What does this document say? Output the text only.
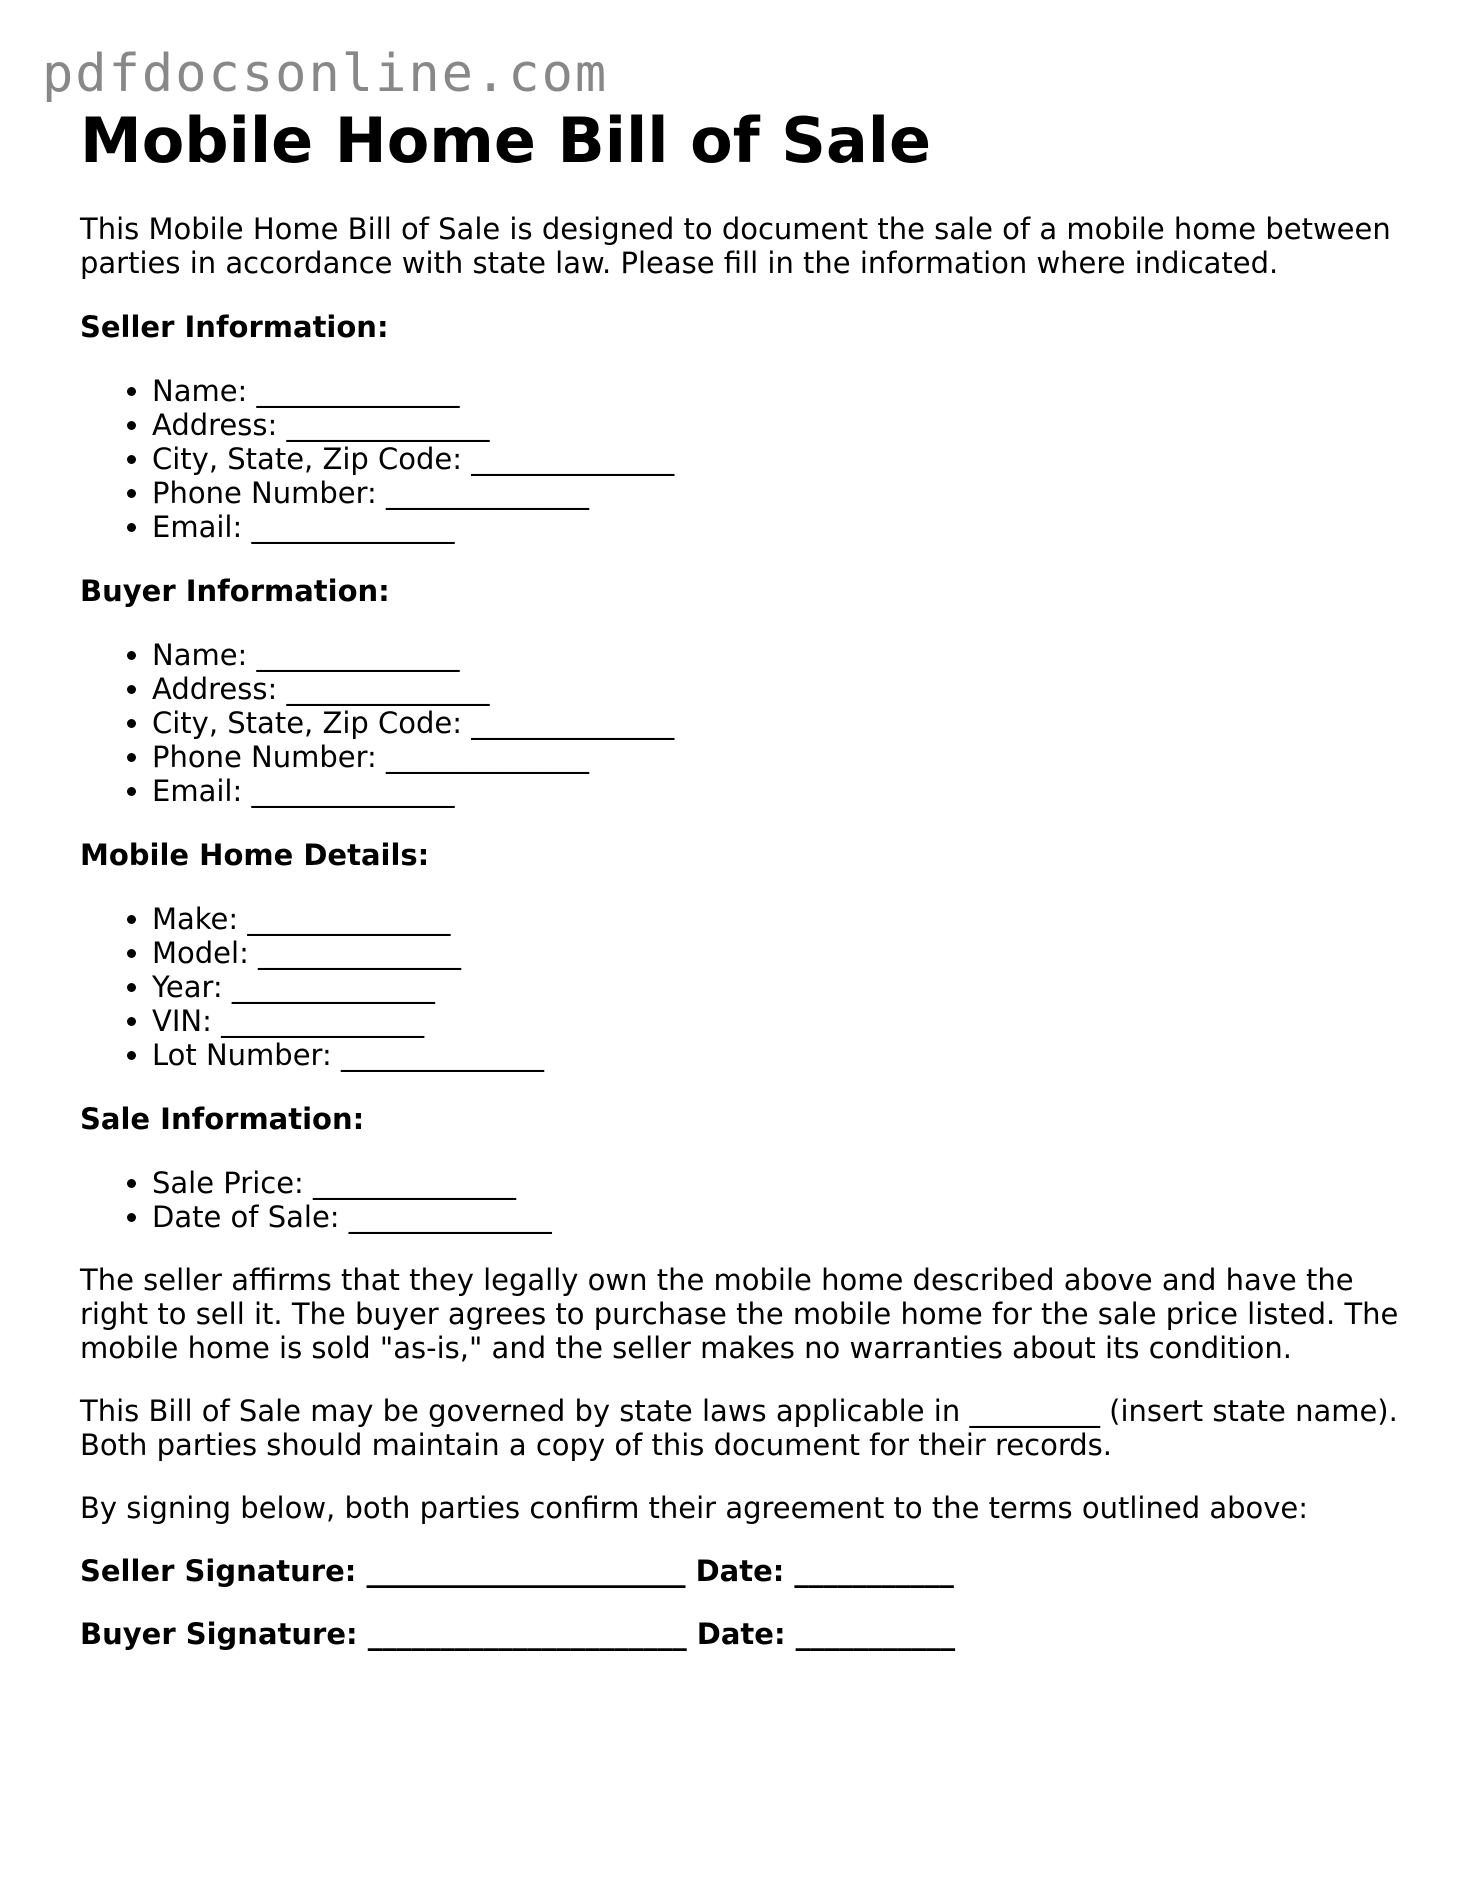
pdfdocsonline.com
Mobile Home Bill of Sale

This Mobile Home Bill of Sale is designed to document the sale of a mobile home between parties in accordance with state law. Please fill in the information where indicated.

Seller Information:
• Name: ______________
• Address: ______________
• City, State, Zip Code: ______________
• Phone Number: ______________
• Email: ______________
Buyer Information:
• Name: ______________
• Address: ______________
• City, State, Zip Code: ______________
• Phone Number: ______________
• Email: ______________
Mobile Home Details:
• Make: ______________
• Model: ______________
• Year: ______________
• VIN: ______________
• Lot Number: ______________
Sale Information:
• Sale Price: ______________
• Date of Sale: ______________

The seller affirms that they legally own the mobile home described above and have the right to sell it. The buyer agrees to purchase the mobile home for the sale price listed. The mobile home is sold "as-is," and the seller makes no warranties about its condition.

This Bill of Sale may be governed by state laws applicable in _________ (insert state name). Both parties should maintain a copy of this document for their records.

By signing below, both parties confirm their agreement to the terms outlined above:

Seller Signature: ______________________ Date: ___________
Buyer Signature: ______________________ Date: ___________
